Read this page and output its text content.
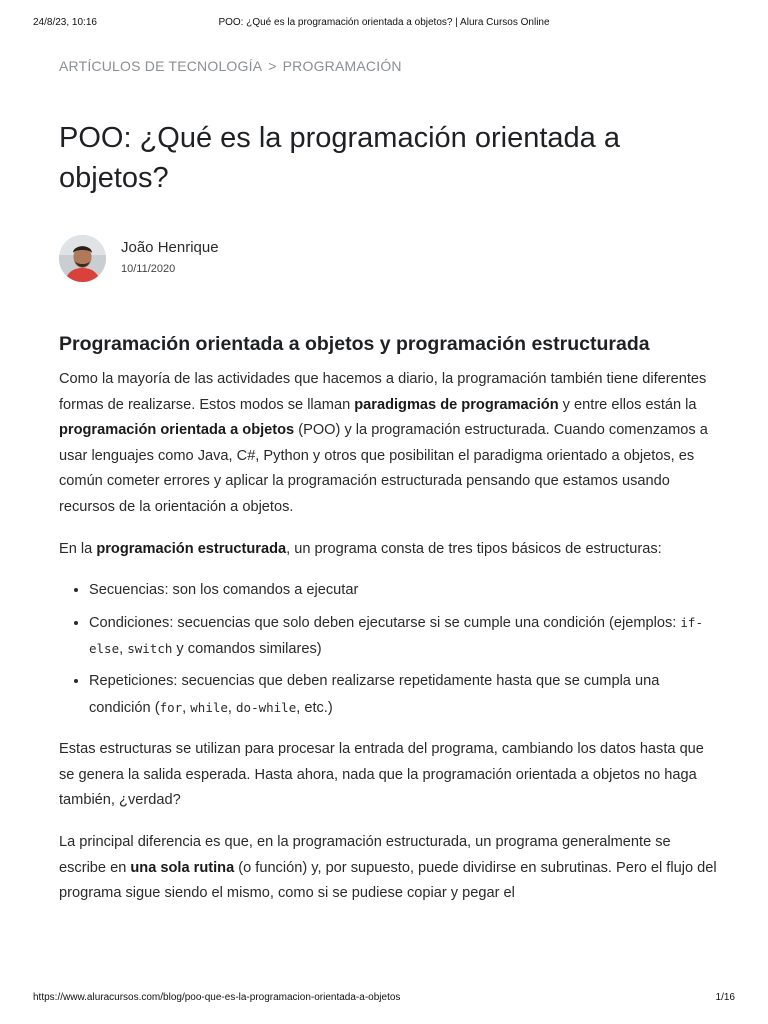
24/8/23, 10:16	POO: ¿Qué es la programación orientada a objetos? | Alura Cursos Online
ARTÍCULOS DE TECNOLOGÍA > PROGRAMACIÓN
POO: ¿Qué es la programación orientada a objetos?
João Henrique
10/11/2020
Programación orientada a objetos y programación estructurada

Como la mayoría de las actividades que hacemos a diario, la programación también tiene diferentes formas de realizarse. Estos modos se llaman paradigmas de programación y entre ellos están la programación orientada a objetos (POO) y la programación estructurada. Cuando comenzamos a usar lenguajes como Java, C#, Python y otros que posibilitan el paradigma orientado a objetos, es común cometer errores y aplicar la programación estructurada pensando que estamos usando recursos de la orientación a objetos.

En la programación estructurada, un programa consta de tres tipos básicos de estructuras:

• Secuencias: son los comandos a ejecutar
• Condiciones: secuencias que solo deben ejecutarse si se cumple una condición (ejemplos: if-else, switch y comandos similares)
• Repeticiones: secuencias que deben realizarse repetidamente hasta que se cumpla una condición (for, while, do-while, etc.)

Estas estructuras se utilizan para procesar la entrada del programa, cambiando los datos hasta que se genera la salida esperada. Hasta ahora, nada que la programación orientada a objetos no haga también, ¿verdad?

La principal diferencia es que, en la programación estructurada, un programa generalmente se escribe en una sola rutina (o función) y, por supuesto, puede dividirse en subrutinas. Pero el flujo del programa sigue siendo el mismo, como si se pudiese copiar y pegar el

https://www.aluracursos.com/blog/poo-que-es-la-programacion-orientada-a-objetos	1/16
